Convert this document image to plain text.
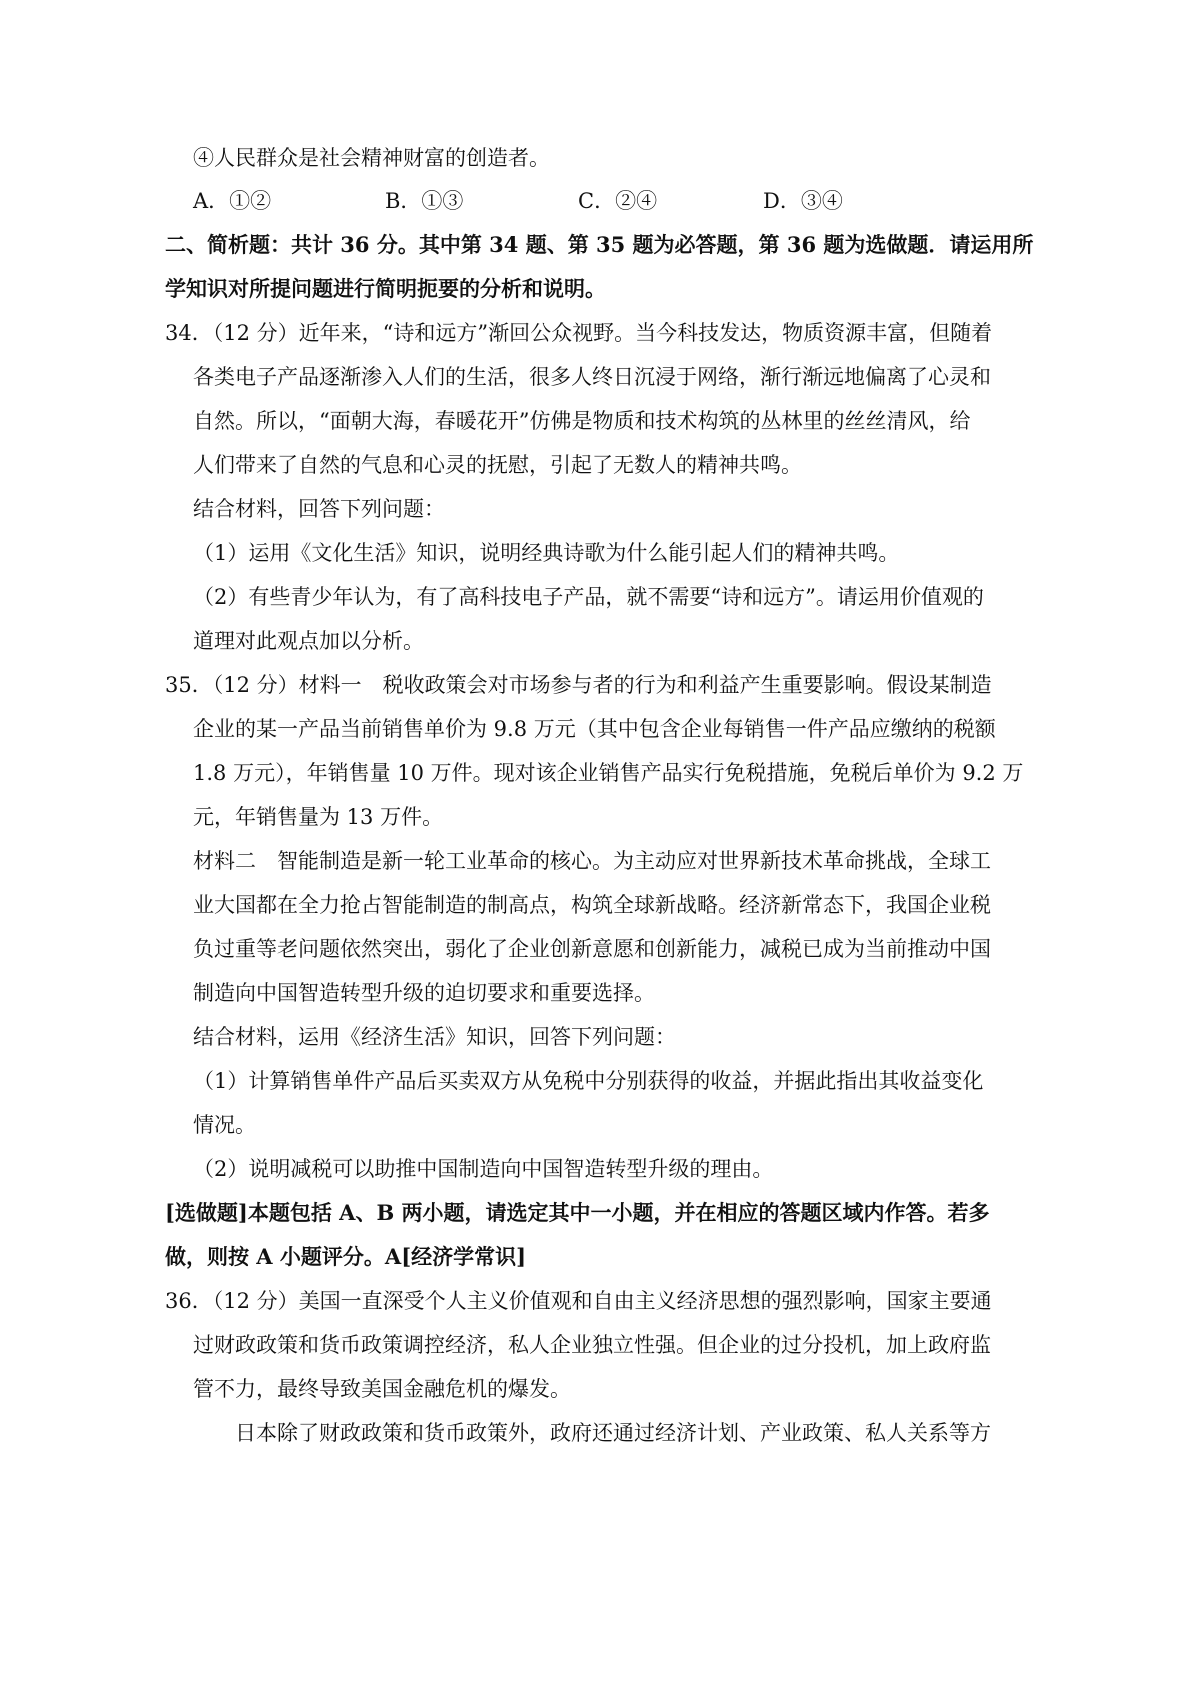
④人民群众是社会精神财富的创造者。
A．①②	B．①③	C．②④	D．③④
二、简析题：共计 36 分。其中第 34 题、第 35 题为必答题，第 36 题为选做题．请运用所
学知识对所提问题进行简明扼要的分析和说明。
34．（12 分）近年来，“诗和远方”渐回公众视野。当今科技发达，物质资源丰富，但随着
各类电子产品逐渐渗入人们的生活，很多人终日沉浸于网络，渐行渐远地偏离了心灵和
自然。所以，“面朝大海，春暖花开”仿佛是物质和技术构筑的丛林里的丝丝清风，给
人们带来了自然的气息和心灵的抚慰，引起了无数人的精神共鸣。
结合材料，回答下列问题：
（1）运用《文化生活》知识，说明经典诗歌为什么能引起人们的精神共鸣。
（2）有些青少年认为，有了高科技电子产品，就不需要“诗和远方”。请运用价值观的
道理对此观点加以分析。
35．（12 分）材料一　税收政策会对市场参与者的行为和利益产生重要影响。假设某制造
企业的某一产品当前销售单价为 9.8 万元（其中包含企业每销售一件产品应缴纳的税额
1.8 万元），年销售量 10 万件。现对该企业销售产品实行免税措施，免税后单价为 9.2 万
元，年销售量为 13 万件。
材料二　智能制造是新一轮工业革命的核心。为主动应对世界新技术革命挑战，全球工
业大国都在全力抢占智能制造的制高点，构筑全球新战略。经济新常态下，我国企业税
负过重等老问题依然突出，弱化了企业创新意愿和创新能力，减税已成为当前推动中国
制造向中国智造转型升级的迫切要求和重要选择。
结合材料，运用《经济生活》知识，回答下列问题：
（1）计算销售单件产品后买卖双方从免税中分别获得的收益，并据此指出其收益变化
情况。
（2）说明减税可以助推中国制造向中国智造转型升级的理由。
[选做题]本题包括 A、B 两小题，请选定其中一小题，并在相应的答题区域内作答。若多
做，则按 A 小题评分。A[经济学常识]
36．（12 分）美国一直深受个人主义价值观和自由主义经济思想的强烈影响，国家主要通
过财政政策和货币政策调控经济，私人企业独立性强。但企业的过分投机，加上政府监
管不力，最终导致美国金融危机的爆发。
日本除了财政政策和货币政策外，政府还通过经济计划、产业政策、私人关系等方
